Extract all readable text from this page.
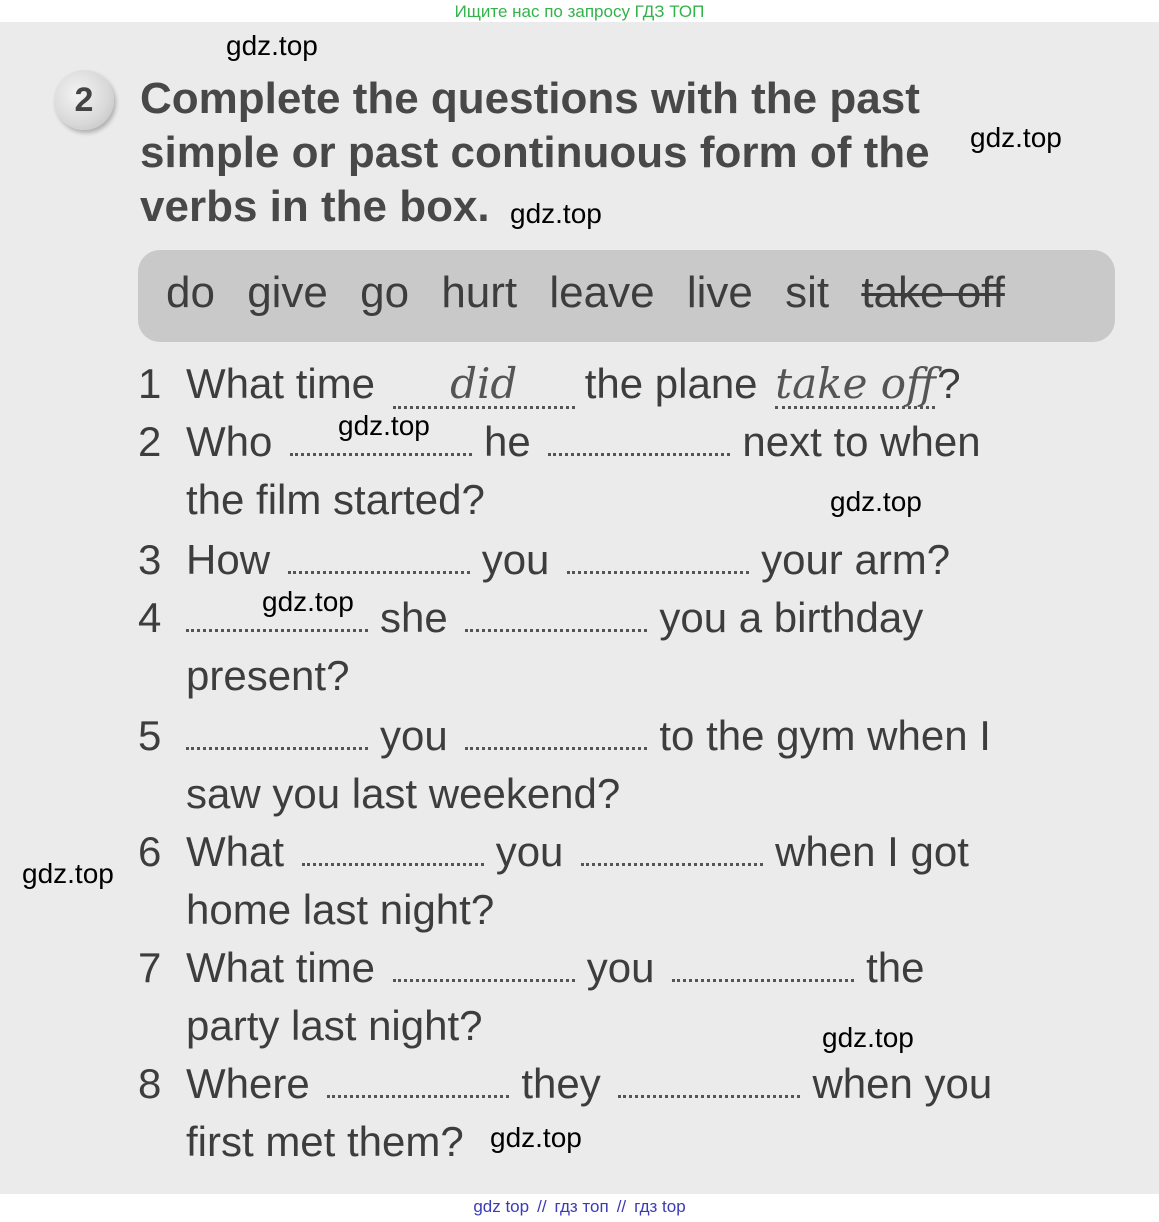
Ищите нас по запросу ГДЗ ТОП
2	Complete the questions with the past
simple or past continuous form of the
verbs in the box.
do give go hurt leave live sit take off
1 What time did the plane take off?
2 Who	he	next to when
the film started?
3 How	you	your arm?
4	she	you a birthday
present?
5	you	to the gym when I
saw you last weekend?
6 What	you	when I got
home last night?
7 What time	you	the
party last night?
8 Where	they	when you
first met them?
gdz.top
gdz.top
gdz.top
gdz.top
gdz.top
gdz.top
gdz.top
gdz.top
gdz.top
gdz top // гдз топ // гдз top
